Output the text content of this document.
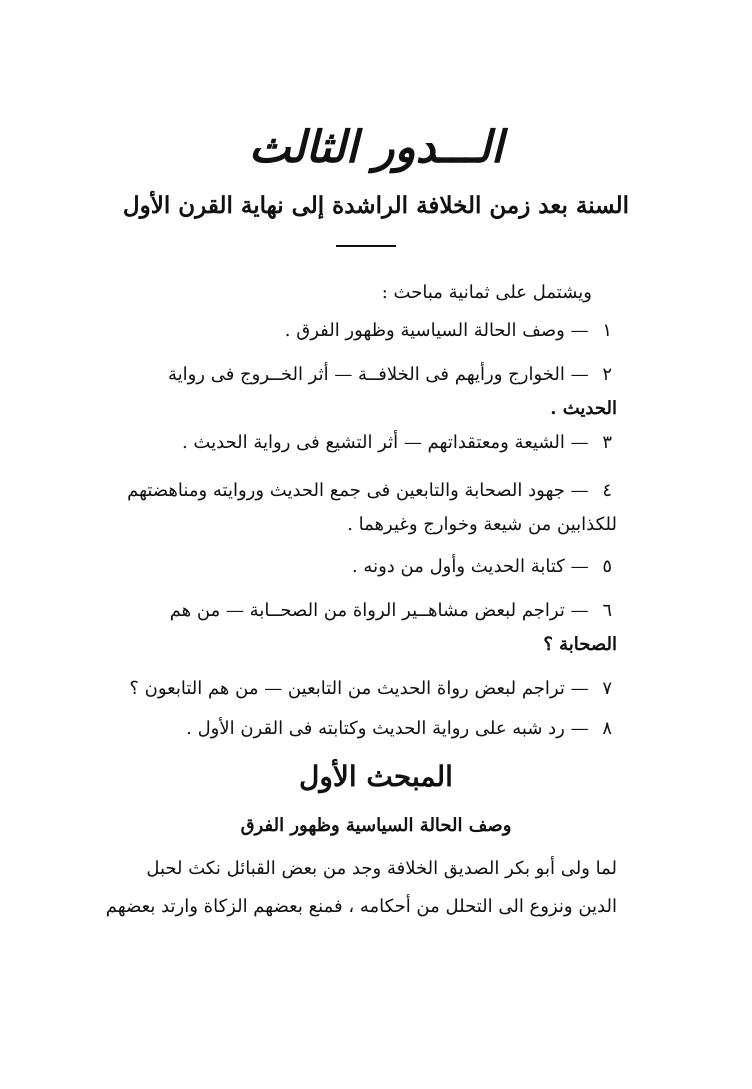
الـــدور الثالث
السنة بعد زمن الخلافة الراشدة إلى نهاية القرن الأول
ويشتمل على ثمانية مباحث :
١ — وصف الحالة السياسية وظهور الفرق .
٢ — الخوارج ورأيهم فى الخلافــة — أثر الخــروج فى رواية
الحديث .
٣ — الشيعة ومعتقداتهم — أثر التشيع فى رواية الحديث .
٤ — جهود الصحابة والتابعين فى جمع الحديث وروايته ومناهضتهم
للكذابين من شيعة وخوارج وغيرهما .
٥ — كتابة الحديث وأول من دونه .
٦ — تراجم لبعض مشاهــير الرواة من الصحــابة — من هم
الصحابة ؟
٧ — تراجم لبعض رواة الحديث من التابعين — من هم التابعون ؟
٨ — رد شبه على رواية الحديث وكتابته فى القرن الأول .
المبحث الأول
وصف الحالة السياسية وظهور الفرق
لما ولى أبو بكر الصديق الخلافة وجد من بعض القبائل نكث لحبل
الدين ونزوع الى التحلل من أحكامه ، فمنع بعضهم الزكاة وارتد بعضهم
